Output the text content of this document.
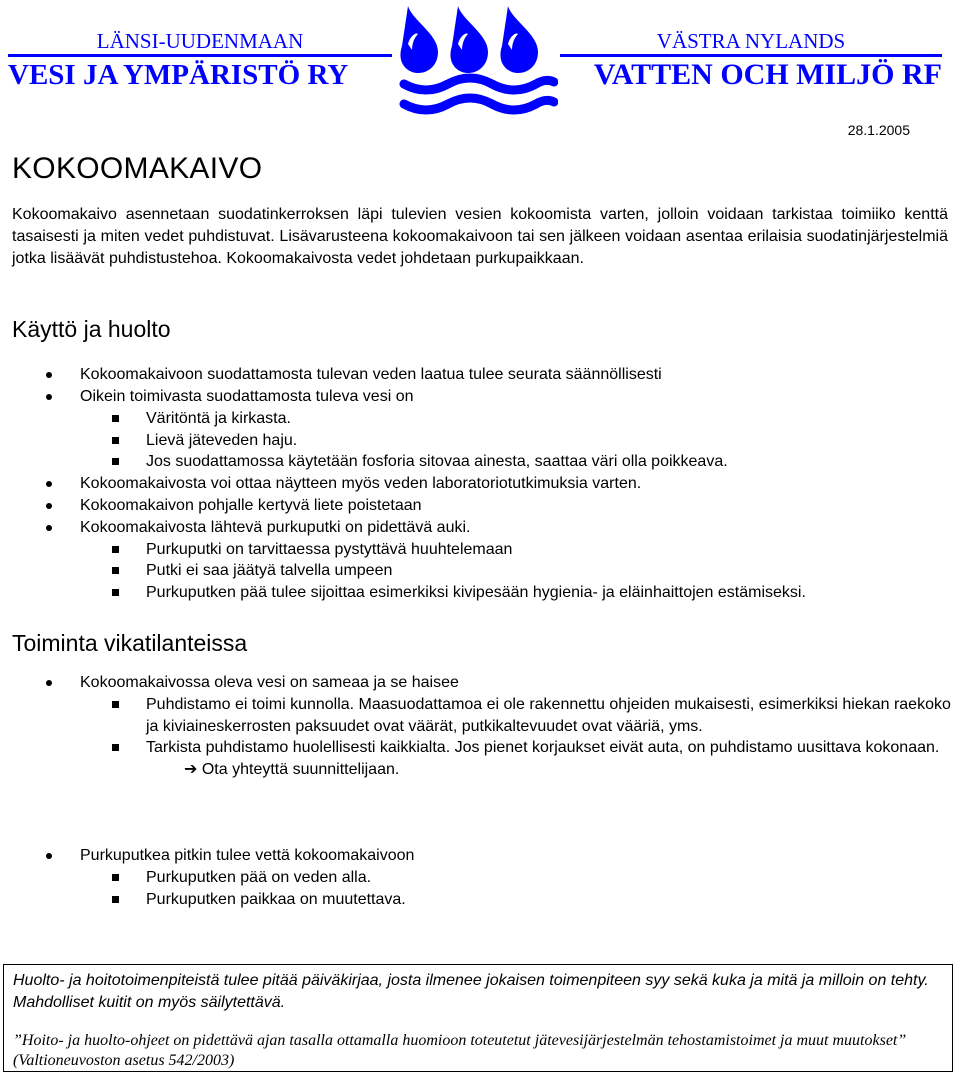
LÄNSI-UUDENMAAN
VESI JA YMPÄRISTÖ RY
VÄSTRA NYLANDS
VATTEN OCH MILJÖ RF
28.1.2005
KOKOOMAKAIVO
Kokoomakaivo asennetaan suodatinkerroksen läpi tulevien vesien kokoomista varten, jolloin voidaan tarkistaa toimiiko kenttä tasaisesti ja miten vedet puhdistuvat. Lisävarusteena kokoomakaivoon tai sen jälkeen voidaan asentaa erilaisia suodatinjärjestelmiä jotka lisäävät puhdistustehoa. Kokoomakaivosta vedet johdetaan purkupaikkaan.
Käyttö ja huolto
Kokoomakaivoon suodattamosta tulevan veden laatua tulee seurata säännöllisesti
Oikein toimivasta suodattamosta tuleva vesi on
Väritöntä ja kirkasta.
Lievä jäteveden haju.
Jos suodattamossa käytetään fosforia sitovaa ainesta, saattaa väri olla poikkeava.
Kokoomakaivosta voi ottaa näytteen myös veden laboratoriotutkimuksia varten.
Kokoomakaivon pohjalle kertyvä liete poistetaan
Kokoomakaivosta lähtevä purkuputki on pidettävä auki.
Purkuputki on tarvittaessa pystyttävä huuhtelemaan
Putki ei saa jäätyä talvella umpeen
Purkuputken pää tulee sijoittaa esimerkiksi kivipesään hygienia- ja eläinhaittojen estämiseksi.
Toiminta vikatilanteissa
Kokoomakaivossa oleva vesi on sameaa ja se haisee
Puhdistamo ei toimi kunnolla. Maasuodattamoa ei ole rakennettu ohjeiden mukaisesti, esimerkiksi hiekan raekoko ja kiviaineskerrosten paksuudet ovat väärät, putkikaltevuudet ovat vääriä, yms.
Tarkista puhdistamo huolellisesti kaikkialta. Jos pienet korjaukset eivät auta, on puhdistamo uusittava kokonaan.
➔ Ota yhteyttä suunnittelijaan.
Purkuputkea pitkin tulee vettä kokoomakaivoon
Purkuputken pää on veden alla.
Purkuputken paikkaa on muutettava.
Huolto- ja hoitotoimenpiteistä tulee pitää päiväkirjaa, josta ilmenee jokaisen toimenpiteen syy sekä kuka ja mitä ja milloin on tehty. Mahdolliset kuitit on myös säilytettävä.
”Hoito- ja huolto-ohjeet on pidettävä ajan tasalla ottamalla huomioon toteutetut jätevesijärjestelmän tehostamistoimet ja muut muutokset” (Valtioneuvoston asetus 542/2003)
